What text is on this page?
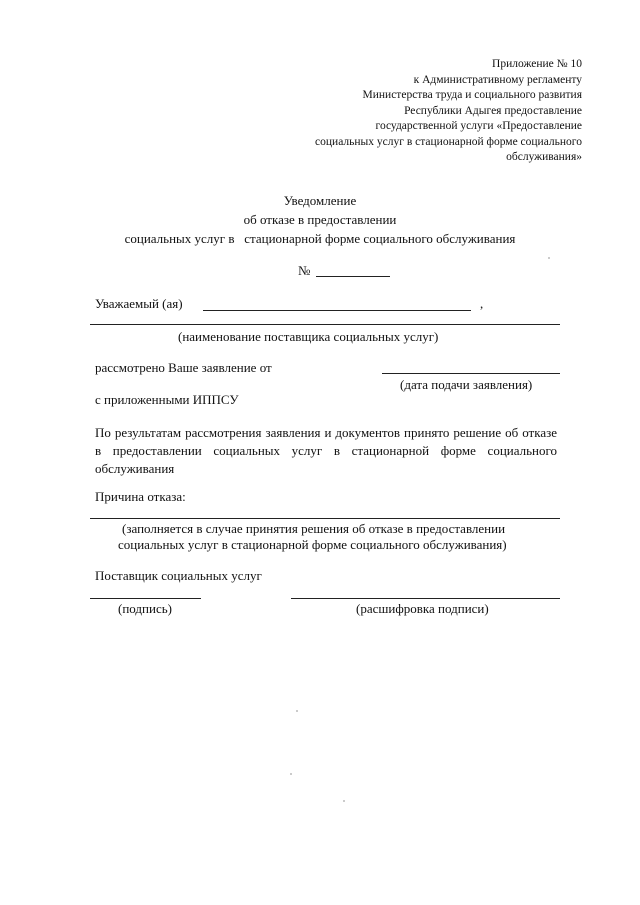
Приложение № 10
к Административному регламенту
Министерства труда и социального развития
Республики Адыгея предоставление
государственной услуги «Предоставление
социальных услуг в стационарной форме социального
обслуживания»
Уведомление
об отказе в предоставлении
социальных услуг в   стационарной форме социального обслуживания
№
Уважаемый (ая)	,
(наименование поставщика социальных услуг)
рассмотрено Ваше заявление от
(дата подачи заявления)
с приложенными ИППСУ
По результатам рассмотрения заявления и документов принято решение об отказе в предоставлении социальных услуг в стационарной форме социального обслуживания
Причина отказа:
(заполняется в случае принятия решения об отказе в предоставлении
социальных услуг в стационарной форме социального обслуживания)
Поставщик социальных услуг
(подпись)	(расшифровка подписи)
